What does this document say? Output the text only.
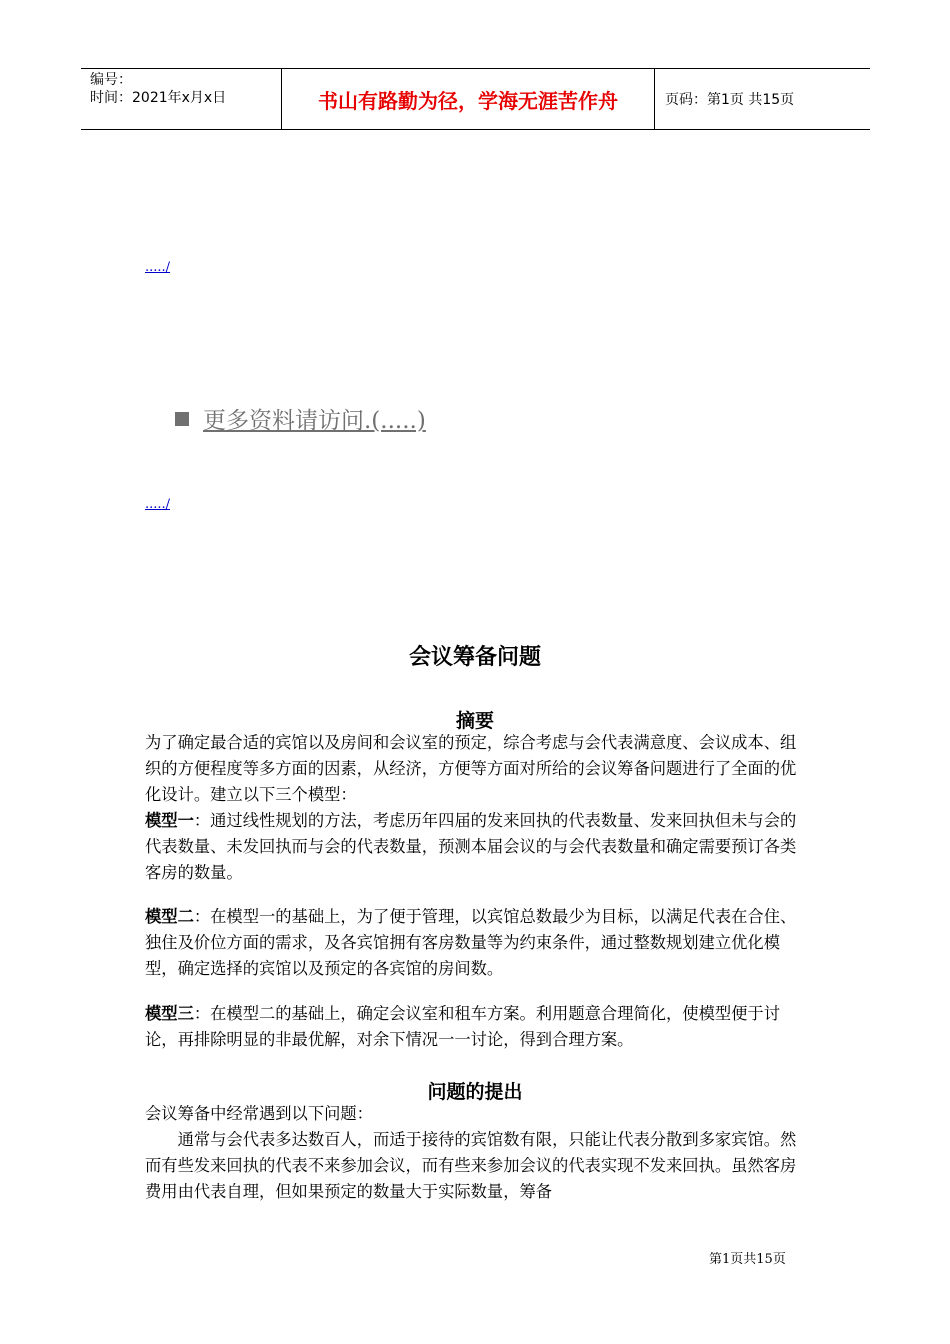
编号：
时间：2021年x月x日	书山有路勤为径，学海无涯苦作舟	页码：第1页 共15页
...../
更多资料请访问.(.....)
...../
会议筹备问题
摘要

为了确定最合适的宾馆以及房间和会议室的预定，综合考虑与会代表满意度、会议成本、组织的方便程度等多方面的因素，从经济，方便等方面对所给的会议筹备问题进行了全面的优化设计。建立以下三个模型：
模型一：通过线性规划的方法，考虑历年四届的发来回执的代表数量、发来回执但未与会的代表数量、未发回执而与会的代表数量，预测本届会议的与会代表数量和确定需要预订各类客房的数量。

模型二：在模型一的基础上，为了便于管理，以宾馆总数最少为目标，以满足代表在合住、独住及价位方面的需求，及各宾馆拥有客房数量等为约束条件，通过整数规划建立优化模型，确定选择的宾馆以及预定的各宾馆的房间数。

模型三：在模型二的基础上，确定会议室和租车方案。利用题意合理简化，使模型便于讨论，再排除明显的非最优解，对余下情况一一讨论，得到合理方案。

问题的提出

会议筹备中经常遇到以下问题：

通常与会代表多达数百人，而适于接待的宾馆数有限，只能让代表分散到多家宾馆。然而有些发来回执的代表不来参加会议，而有些来参加会议的代表实现不发来回执。虽然客房费用由代表自理，但如果预定的数量大于实际数量，筹备

第1页共15页
